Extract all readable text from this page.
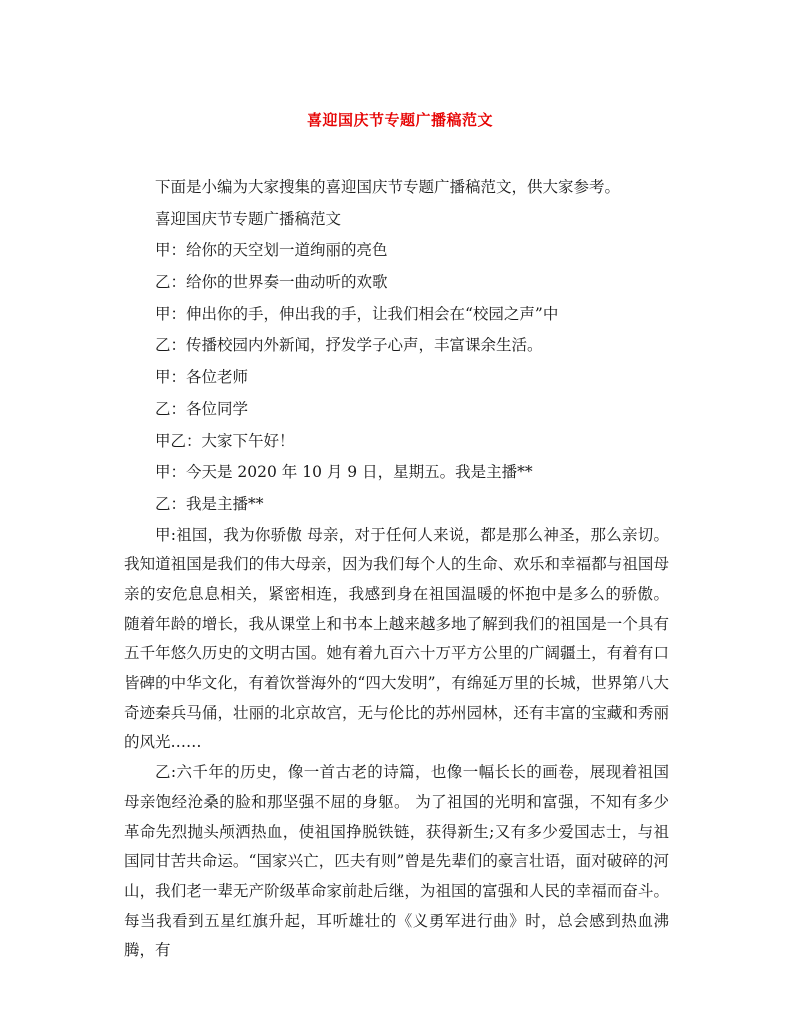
喜迎国庆节专题广播稿范文
下面是小编为大家搜集的喜迎国庆节专题广播稿范文，供大家参考。
喜迎国庆节专题广播稿范文
甲：给你的天空划一道绚丽的亮色
乙：给你的世界奏一曲动听的欢歌
甲：伸出你的手，伸出我的手，让我们相会在“校园之声”中
乙：传播校园内外新闻，抒发学子心声，丰富课余生活。
甲：各位老师
乙：各位同学
甲乙：大家下午好！
甲：今天是 2020 年 10 月 9 日，星期五。我是主播**
乙：我是主播**
甲:祖国，我为你骄傲 母亲，对于任何人来说，都是那么神圣，那么亲切。我知道祖国是我们的伟大母亲，因为我们每个人的生命、欢乐和幸福都与祖国母亲的安危息息相关，紧密相连，我感到身在祖国温暖的怀抱中是多么的骄傲。 随着年龄的增长，我从课堂上和书本上越来越多地了解到我们的祖国是一个具有五千年悠久历史的文明古国。她有着九百六十万平方公里的广阔疆土，有着有口皆碑的中华文化，有着饮誉海外的“四大发明”，有绵延万里的长城，世界第八大奇迹秦兵马俑，壮丽的北京故宫，无与伦比的苏州园林，还有丰富的宝藏和秀丽的风光……
乙:六千年的历史，像一首古老的诗篇，也像一幅长长的画卷，展现着祖国母亲饱经沧桑的脸和那坚强不屈的身躯。 为了祖国的光明和富强，不知有多少革命先烈抛头颅洒热血，使祖国挣脱铁链，获得新生;又有多少爱国志士，与祖国同甘苦共命运。“国家兴亡，匹夫有则”曾是先辈们的豪言壮语，面对破碎的河山，我们老一辈无产阶级革命家前赴后继，为祖国的富强和人民的幸福而奋斗。 每当我看到五星红旗升起，耳听雄壮的《义勇军进行曲》时，总会感到热血沸腾，有
